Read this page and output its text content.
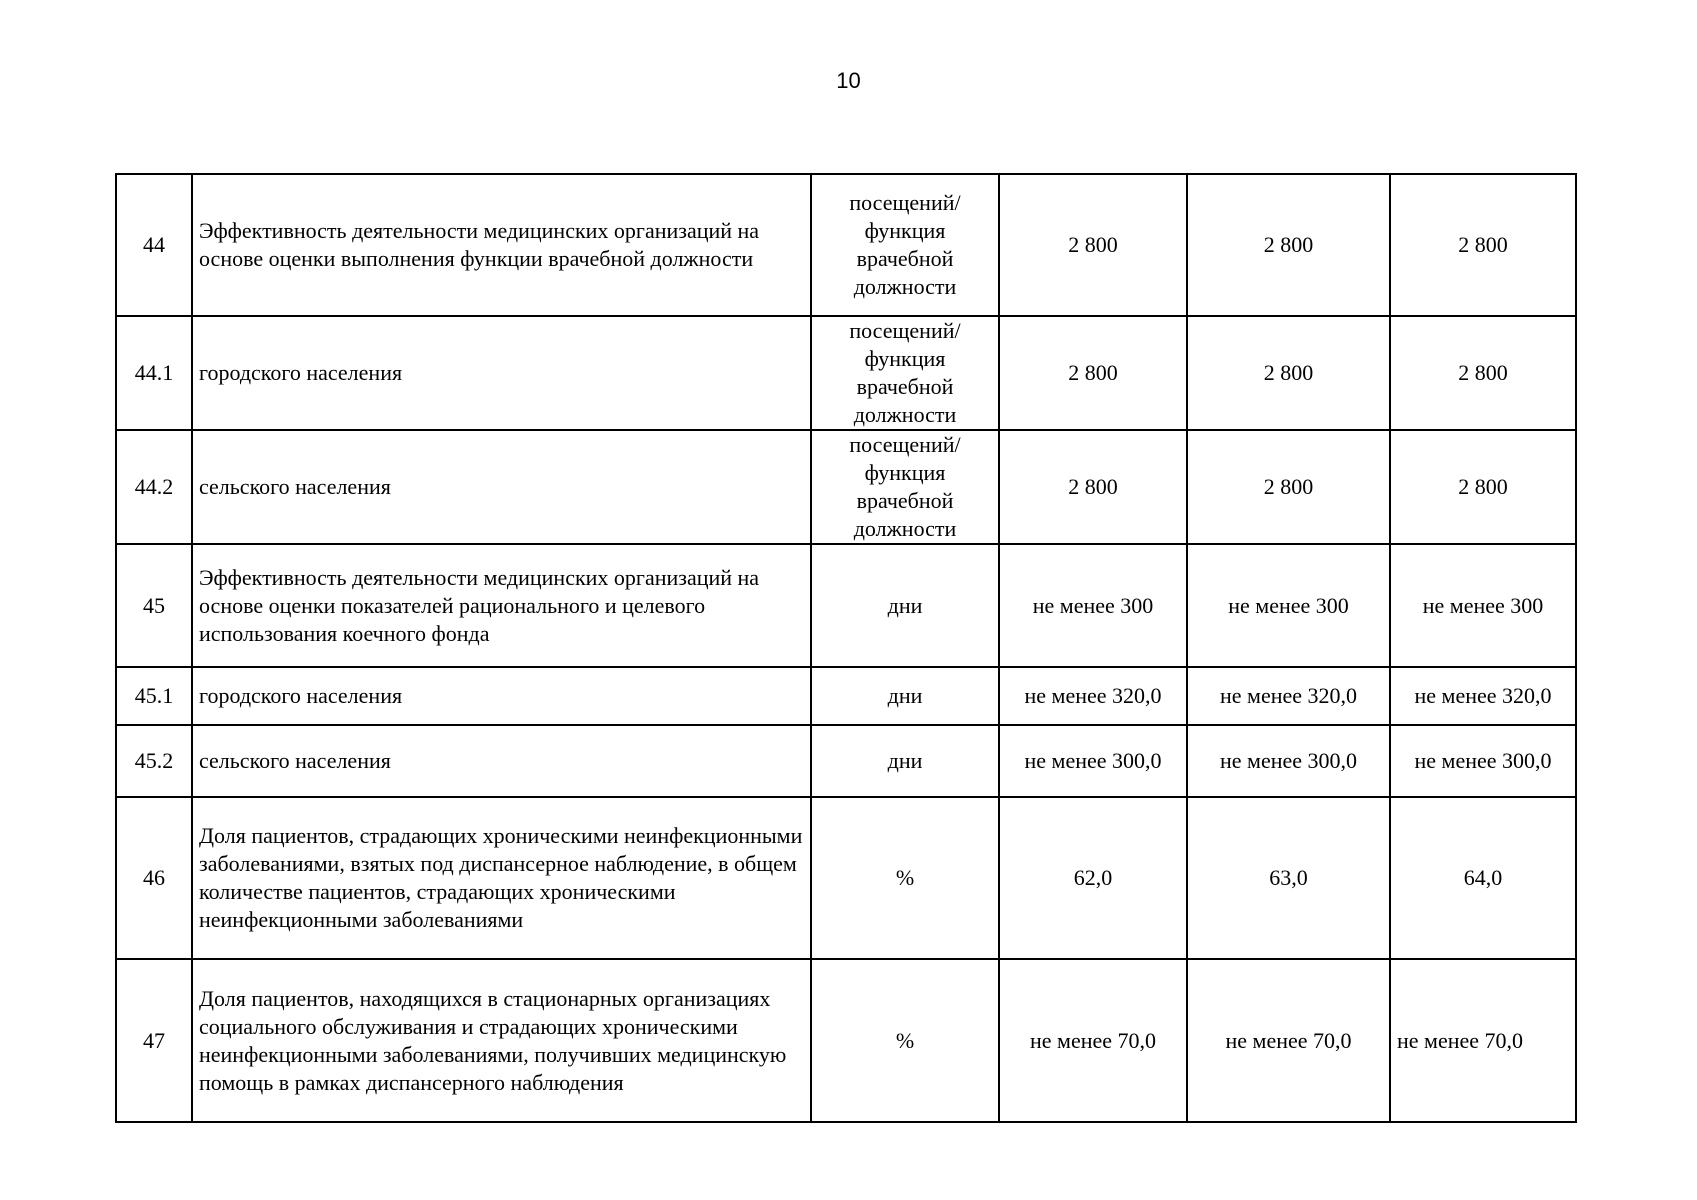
10
44	Эффективность деятельности медицинских организаций на основе оценки выполнения функции врачебной должности	посещений/функция врачебной должности	2 800	2 800	2 800
44.1	городского населения	посещений/функция врачебной должности	2 800	2 800	2 800
44.2	сельского населения	посещений/функция врачебной должности	2 800	2 800	2 800
45	Эффективность деятельности медицинских организаций на основе оценки показателей рационального и целевого использования коечного фонда	дни	не менее 300	не менее 300	не менее 300
45.1	городского населения	дни	не менее 320,0	не менее 320,0	не менее 320,0
45.2	сельского населения	дни	не менее 300,0	не менее 300,0	не менее 300,0
46	Доля пациентов, страдающих хроническими неинфекционными заболеваниями, взятых под диспансерное наблюдение, в общем количестве пациентов, страдающих хроническими неинфекционными заболеваниями	%	62,0	63,0	64,0
47	Доля пациентов, находящихся в стационарных организациях социального обслуживания и страдающих хроническими неинфекционными заболеваниями, получивших медицинскую помощь в рамках диспансерного наблюдения	%	не менее 70,0	не менее 70,0	не менее 70,0
